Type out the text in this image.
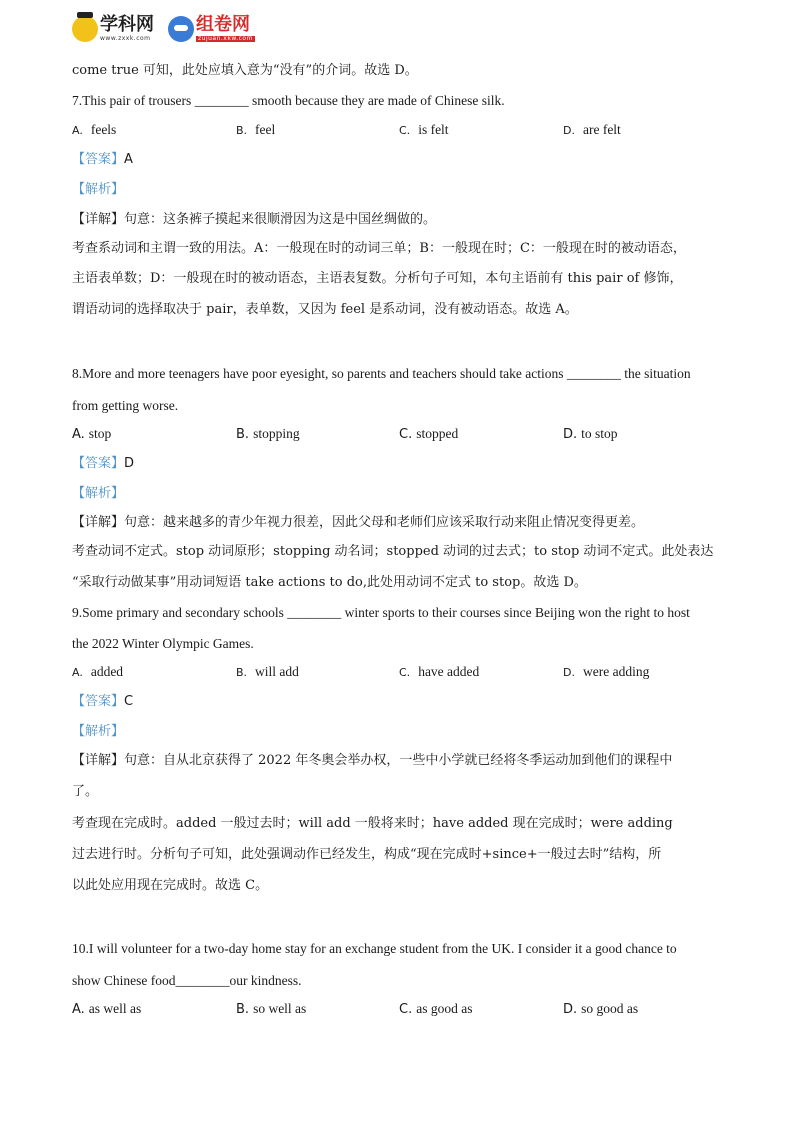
学科网
www.zxxk.com
组卷网
zujuan.xkw.com
come true 可知，此处应填入意为“没有”的介词。故选 D。
7.This pair of trousers ________ smooth because they are made of Chinese silk.
A. feels	B. feel	C. is felt	D. are felt
【答案】A
【解析】
【详解】句意：这条裤子摸起来很顺滑因为这是中国丝绸做的。
考查系动词和主谓一致的用法。A：一般现在时的动词三单；B：一般现在时；C：一般现在时的被动语态，
主语表单数；D：一般现在时的被动语态，主语表复数。分析句子可知，本句主语前有 this pair of 修饰，
谓语动词的选择取决于 pair，表单数，又因为 feel 是系动词，没有被动语态。故选 A。
8.More and more teenagers have poor eyesight, so parents and teachers should take actions ________ the situation
from getting worse.
A. stop	B. stopping	C. stopped	D. to stop
【答案】D
【解析】
【详解】句意：越来越多的青少年视力很差，因此父母和老师们应该采取行动来阻止情况变得更差。
考查动词不定式。stop 动词原形；stopping 动名词；stopped 动词的过去式；to stop 动词不定式。此处表达
“采取行动做某事”用动词短语 take actions to do,此处用动词不定式 to stop。故选 D。
9.Some primary and secondary schools ________ winter sports to their courses since Beijing won the right to host
the 2022 Winter Olympic Games.
A. added	B. will add	C. have added	D. were adding
【答案】C
【解析】
【详解】句意：自从北京获得了 2022 年冬奥会举办权，一些中小学就已经将冬季运动加到他们的课程中
了。
考查现在完成时。added 一般过去时；will add 一般将来时；have added 现在完成时；were adding
过去进行时。分析句子可知，此处强调动作已经发生，构成“现在完成时+since+一般过去时”结构，所
以此处应用现在完成时。故选 C。
10.I will volunteer for a two-day home stay for an exchange student from the UK. I consider it a good chance to
show Chinese food________our kindness.
A. as well as	B. so well as	C. as good as	D. so good as
